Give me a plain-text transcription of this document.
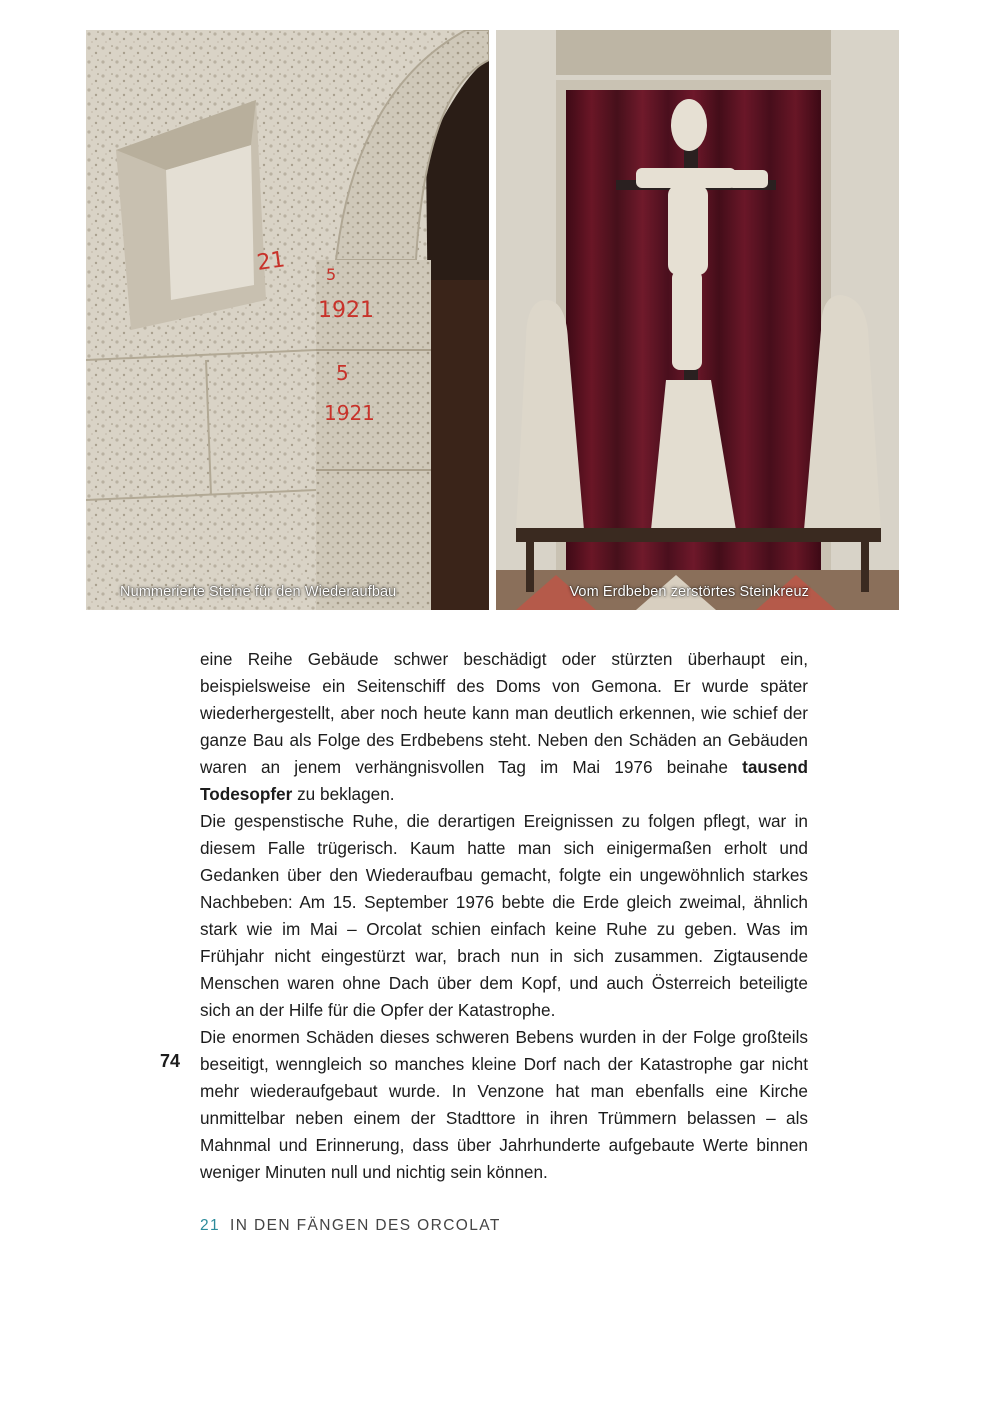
21 5
1921
5
1921
Nummerierte Steine für den Wiederaufbau	Vom Erdbeben zerstörtes Steinkreuz

eine Reihe Gebäude schwer beschädigt oder stürzten überhaupt ein, beispielsweise ein Seitenschiff des Doms von Gemona. Er wurde später wiederhergestellt, aber noch heute kann man deutlich erkennen, wie schief der ganze Bau als Folge des Erdbebens steht. Neben den Schäden an Gebäuden waren an jenem verhängnisvollen Tag im Mai 1976 beinahe tausend Todesopfer zu beklagen.

Die gespenstische Ruhe, die derartigen Ereignissen zu folgen pflegt, war in diesem Falle trügerisch. Kaum hatte man sich einigermaßen erholt und Gedanken über den Wiederaufbau gemacht, folgte ein ungewöhnlich starkes Nachbeben: Am 15. September 1976 bebte die Erde gleich zweimal, ähnlich stark wie im Mai – Orcolat schien einfach keine Ruhe zu geben. Was im Frühjahr nicht eingestürzt war, brach nun in sich zusammen. Zigtausende Menschen waren ohne Dach über dem Kopf, und auch Österreich beteiligte sich an der Hilfe für die Opfer der Katastrophe.

Die enormen Schäden dieses schweren Bebens wurden in der Folge großteils beseitigt, wenngleich so manches kleine Dorf nach der Katastrophe gar nicht mehr wiederaufgebaut wurde. In Venzone hat man ebenfalls eine Kirche unmittelbar neben einem der Stadttore in ihren Trümmern belassen – als Mahnmal und Erinnerung, dass über Jahrhunderte aufgebaute Werte binnen weniger Minuten null und nichtig sein können.

74
21 IN DEN FÄNGEN DES ORCOLAT
